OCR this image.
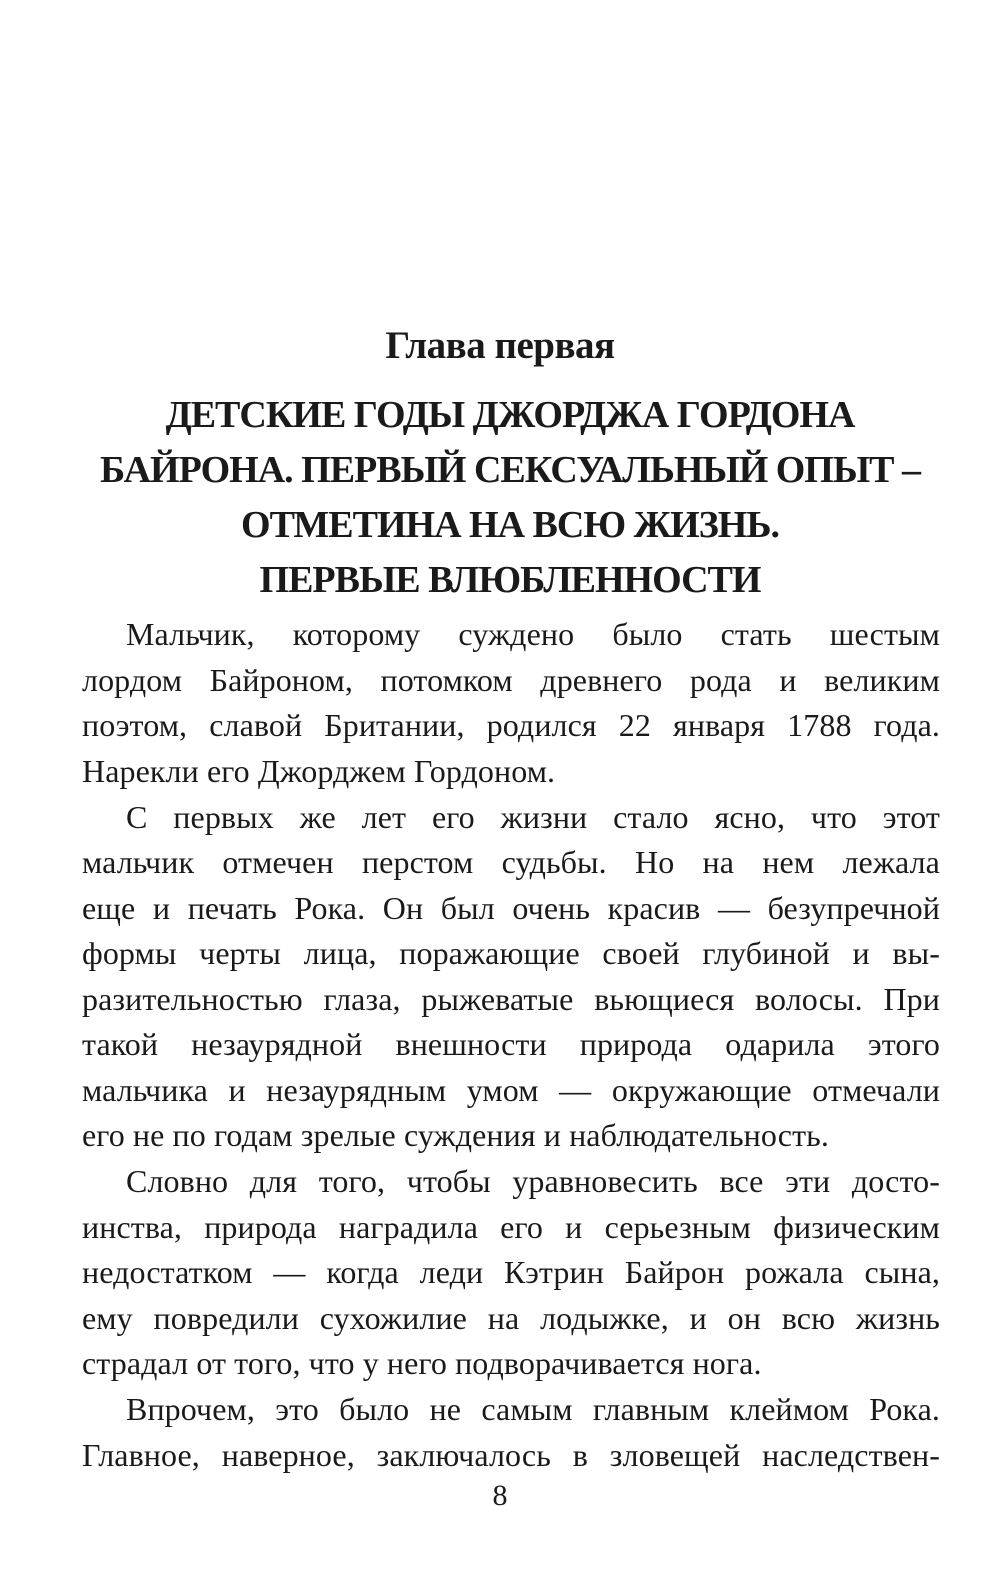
Глава первая
ДЕТСКИЕ ГОДЫ ДЖОРДЖА ГОРДОНА
БАЙРОНА. ПЕРВЫЙ СЕКСУАЛЬНЫЙ ОПЫТ –
ОТМЕТИНА НА ВСЮ ЖИЗНЬ.
ПЕРВЫЕ ВЛЮБЛЕННОСТИ

Мальчик, которому суждено было стать шестым
лордом Байроном, потомком древнего рода и великим
поэтом, славой Британии, родился 22 января 1788 года.
Нарекли его Джорджем Гордоном.

С первых же лет его жизни стало ясно, что этот
мальчик отмечен перстом судьбы. Но на нем лежала
еще и печать Рока. Он был очень красив — безупречной
формы черты лица, поражающие своей глубиной и вы-
разительностью глаза, рыжеватые вьющиеся волосы. При
такой незаурядной внешности природа одарила этого
мальчика и незаурядным умом — окружающие отмечали
его не по годам зрелые суждения и наблюдательность.

Словно для того, чтобы уравновесить все эти досто-
инства, природа наградила его и серьезным физическим
недостатком — когда леди Кэтрин Байрон рожала сына,
ему повредили сухожилие на лодыжке, и он всю жизнь
страдал от того, что у него подворачивается нога.

Впрочем, это было не самым главным клеймом Рока.
Главное, наверное, заключалось в зловещей наследствен-

8
